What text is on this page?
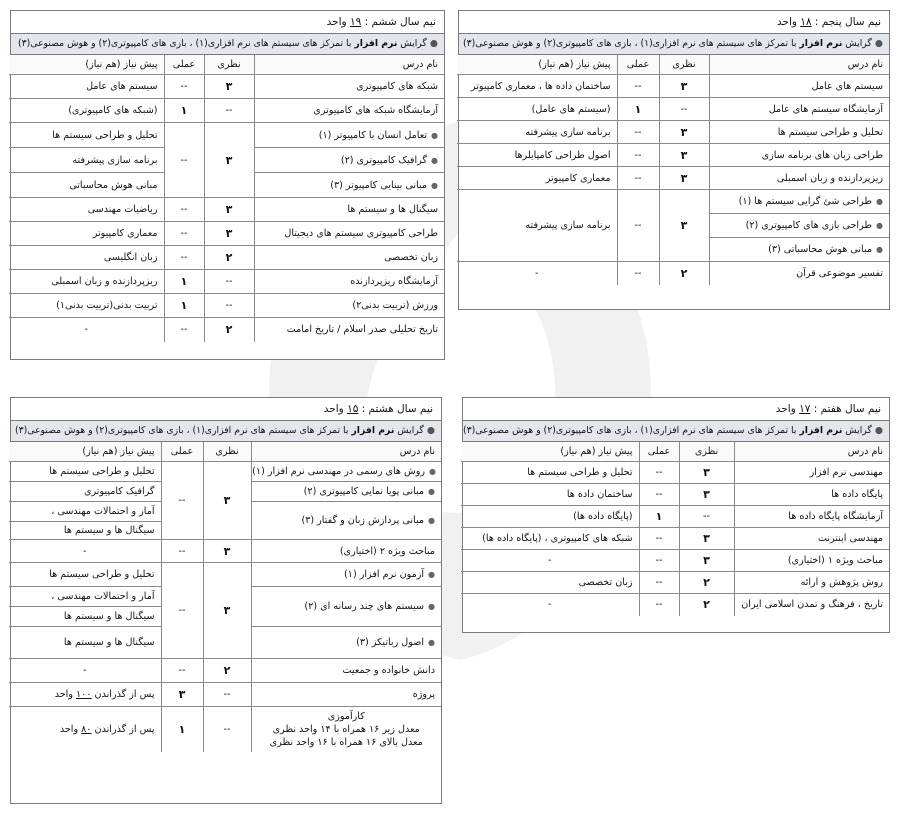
نیم سال پنجم : ۱۸ واحد
●گرایش نرم افزار با تمرکز های سیستم های نرم افزاری(۱) ، بازی های کامپیوتری(۲) و هوش مصنوعی(۳)
نام درس	نظری	عملی	پیش نیاز (هم نیاز)
سیستم های عامل	۳	--	ساختمان داده ها ، معماری کامپیوتر
آزمایشگاه سیستم های عامل	--	۱	(سیستم های عامل)
تحلیل و طراحی سیستم ها	۳	--	برنامه سازی پیشرفته
طراحی زبان های برنامه سازی	۳	--	اصول طراحی کامپایلرها
ریزپردازنده و زبان اسمبلی	۳	--	معماری کامپیوتر
●طراحی شئ گرایی سیستم ها (۱)	۳	--	برنامه سازی پیشرفته
●طراحی بازی های کامپیوتری (۲)			
●مبانی هوش محاسباتی (۳)			
تفسیر موضوعی قرآن	۲	--	-
نیم سال ششم : ۱۹ واحد
●گرایش نرم افزار با تمرکز های سیستم های نرم افزاری(۱) ، بازی های کامپیوتری(۲) و هوش مصنوعی(۳)
نام درس	نظری	عملی	پیش نیاز (هم نیاز)
شبکه های کامپیوتری	۳	--	سیستم های عامل
آزمایشگاه شبکه های کامپیوتری	--	۱	(شبکه های کامپیوتری)
●تعامل انسان با کامپیوتر (۱)	۳	--	تحلیل و طراحی سیستم ها
●گرافیک کامپیوتری (۲)			برنامه سازی پیشرفته
●مبانی بینایی کامپیوتر (۳)			مبانی هوش محاسباتی
سیگنال ها و سیستم ها	۳	--	ریاضیات مهندسی
طراحی کامپیوتری سیستم های دیجیتال	۳	--	معماری کامپیوتر
زبان تخصصی	۲	--	زبان انگلیسی
آزمایشگاه ریزپردازنده	--	۱	ریزپردازنده و زبان اسمبلی
ورزش (تربیت بدنی۲)	--	۱	تربیت بدنی(تربیت بدنی۱)
تاریخ تحلیلی صدر اسلام / تاریخ امامت	۲	--	-
نیم سال هفتم : ۱۷ واحد
●گرایش نرم افزار با تمرکز های سیستم های نرم افزاری(۱) ، بازی های کامپیوتری(۲) و هوش مصنوعی(۳)
نام درس	نظری	عملی	پیش نیاز (هم نیاز)
مهندسی نرم افزار	۳	--	تحلیل و طراحی سیستم ها
پایگاه داده ها	۳	--	ساختمان داده ها
آزمایشگاه پایگاه داده ها	--	۱	(پایگاه داده ها)
مهندسی اینترنت	۳	--	شبکه های کامپیوتری ، (پایگاه داده ها)
مباحث ویژه ۱ (اختیاری)	۳	--	-
روش پژوهش و ارائه	۲	--	زبان تخصصی
تاریخ ، فرهنگ و تمدن اسلامی ایران	۲	--	-
نیم سال هشتم : ۱۵ واحد
●گرایش نرم افزار با تمرکز های سیستم های نرم افزاری(۱) ، بازی های کامپیوتری(۲) و هوش مصنوعی(۳)
نام درس	نظری	عملی	پیش نیاز (هم نیاز)
●روش های رسمی در مهندسی نرم افزار (۱)	۳	--	تحلیل و طراحی سیستم ها
●مبانی پویا نمایی کامپیوتری (۲)			گرافیک کامپیوتری
●مبانی پردازش زبان و گفتار (۳)			آمار و احتمالات مهندسی ،
			سیگنال ها و سیستم ها
مباحث ویژه ۲ (اختیاری)	۳	--	-
●آزمون نرم افزار (۱)	۳	--	تحلیل و طراحی سیستم ها
●سیستم های چند رسانه ای (۲)			آمار و احتمالات مهندسی ،
			سیگنال ها و سیستم ها
●اصول رباتیکز (۳)			سیگنال ها و سیستم ها
دانش خانواده و جمعیت	۲	--	-
پروژه	--	۳	پس از گذراندن ۱۰۰ واحد

کارآموزی
معدل زیر ۱۶ همراه با ۱۴ واحد نظری
معدل بالای ۱۶ همراه با ۱۶ واحد نظری	--	۱	پس از گذراندن ۸۰ واحد
